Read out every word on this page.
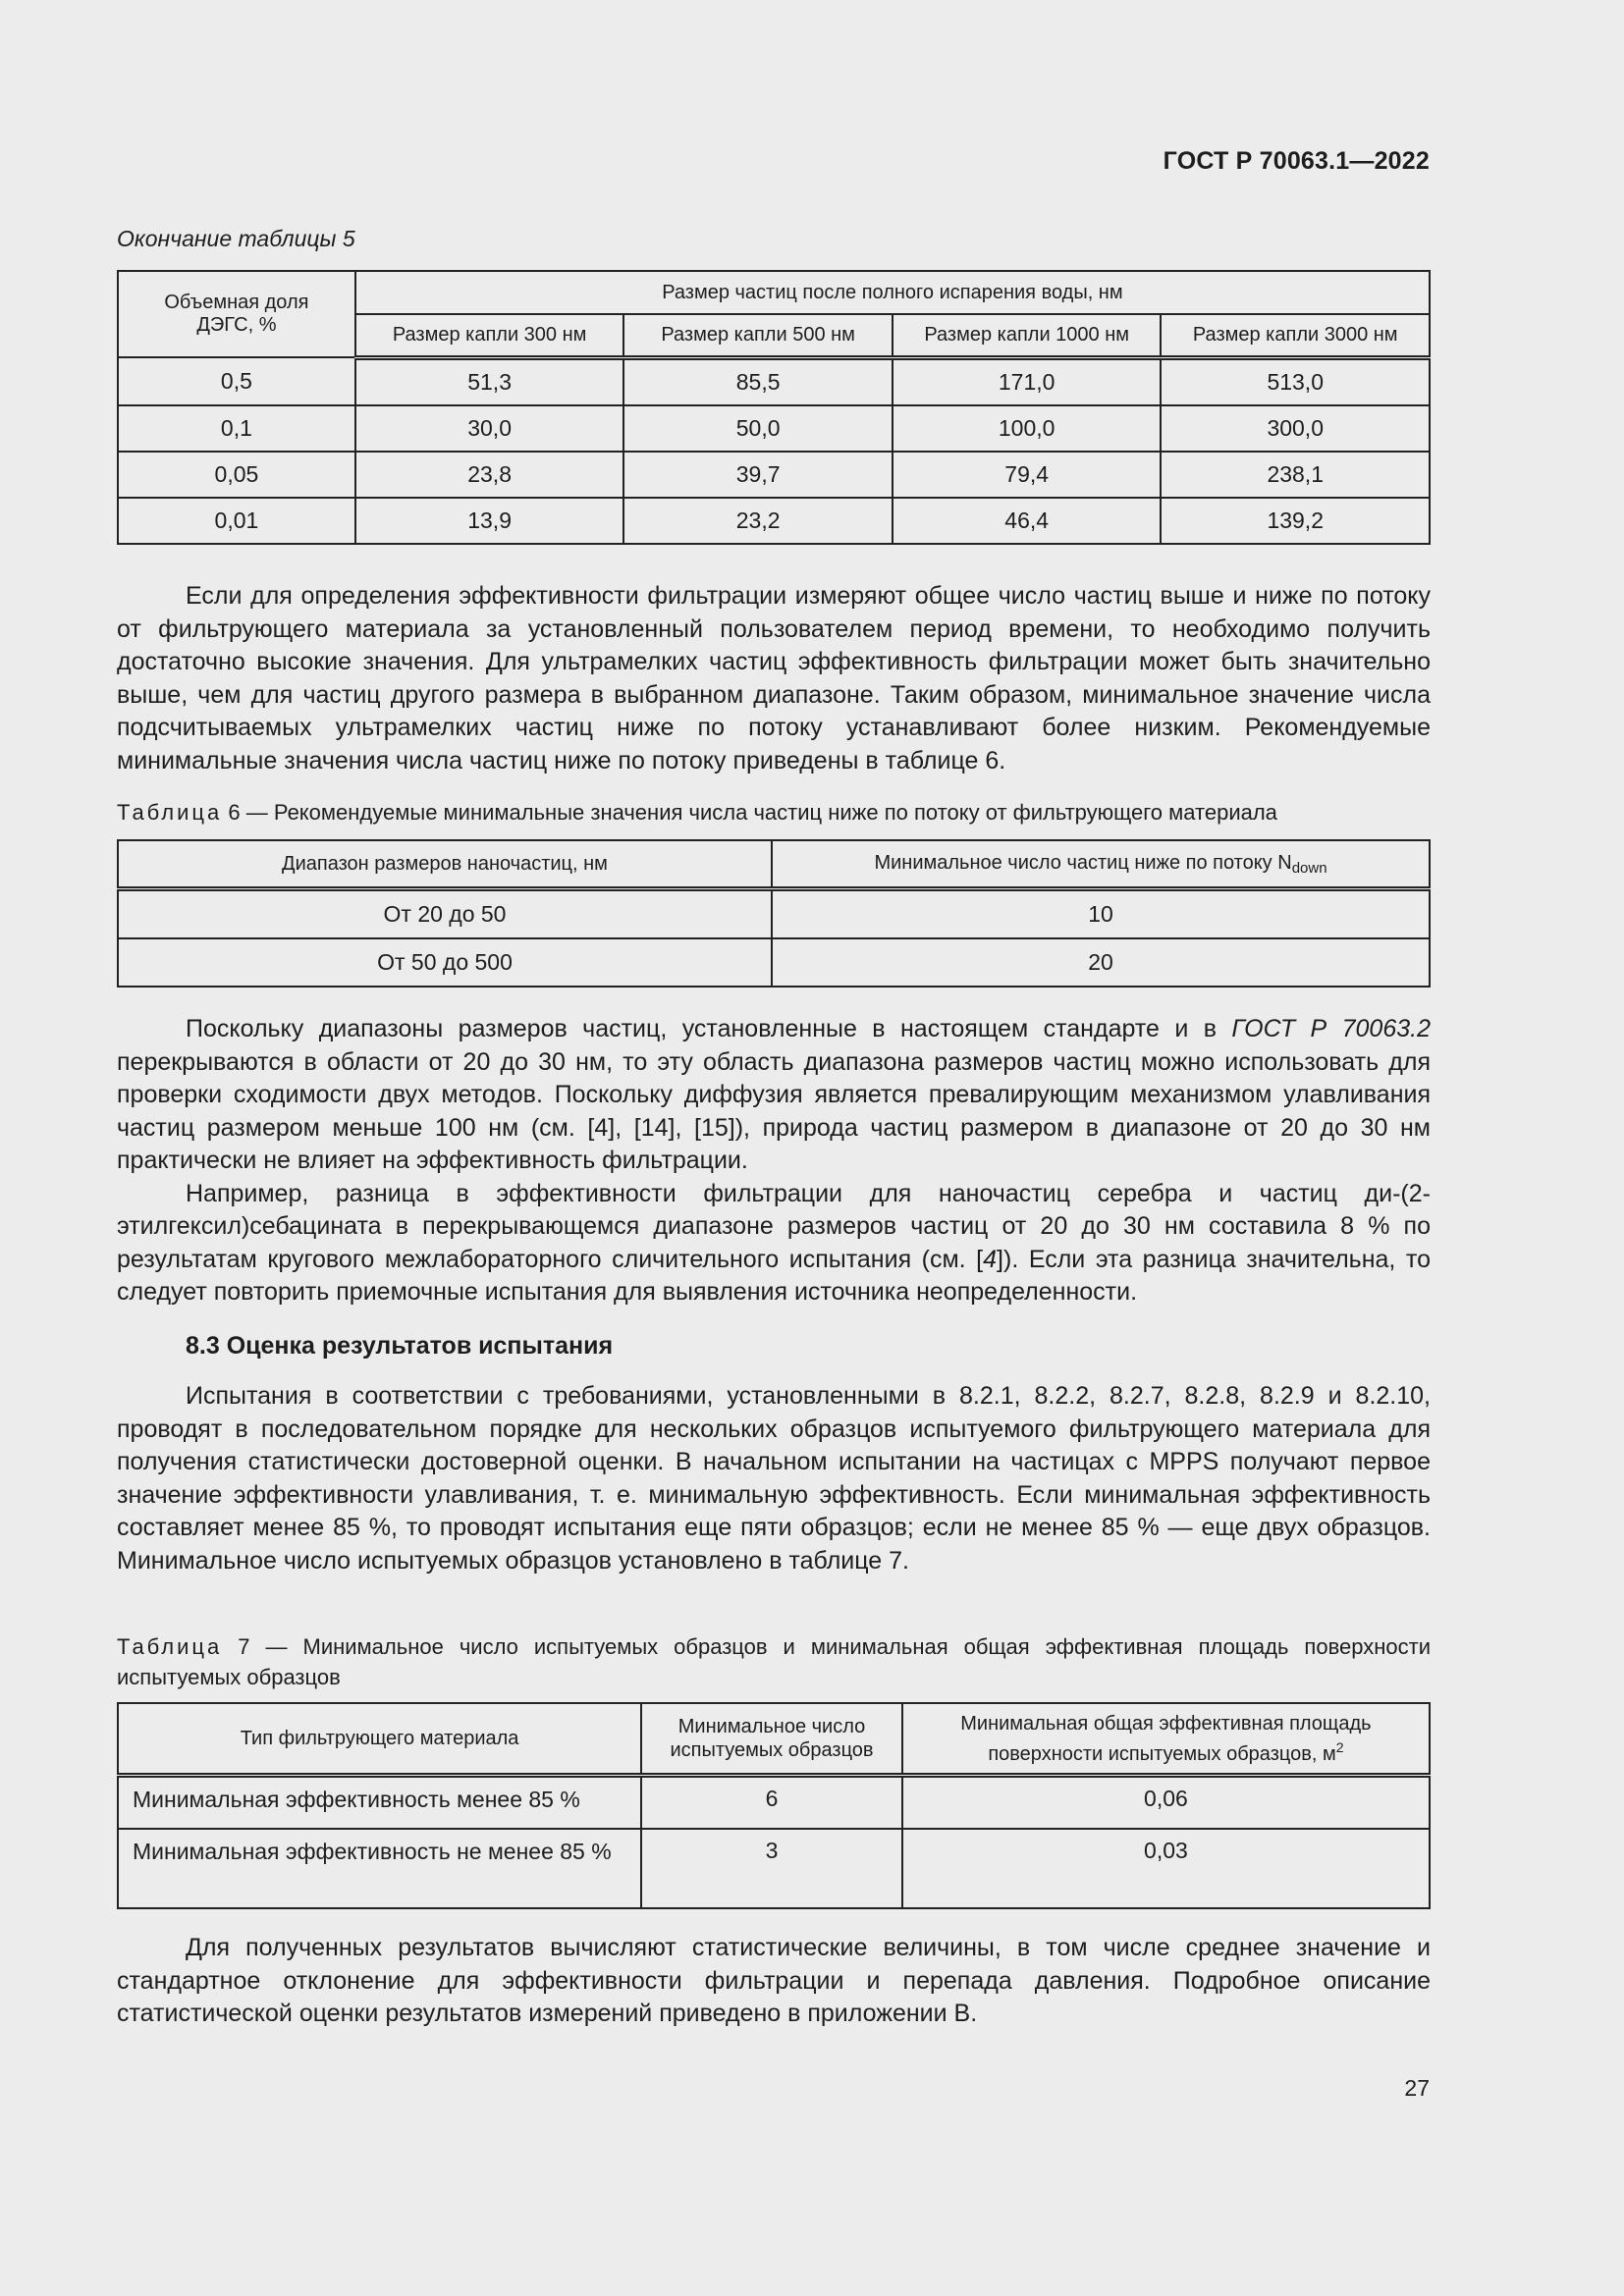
ГОСТ Р 70063.1—2022
Окончание таблицы 5
Объемная доля ДЭГС, %	Размер частиц после полного испарения воды, нм			
	Размер капли 300 нм	Размер капли 500 нм	Размер капли 1000 нм	Размер капли 3000 нм
0,5	51,3	85,5	171,0	513,0
0,1	30,0	50,0	100,0	300,0
0,05	23,8	39,7	79,4	238,1
0,01	13,9	23,2	46,4	139,2

Если для определения эффективности фильтрации измеряют общее число частиц выше и ниже по потоку от фильтрующего материала за установленный пользователем период времени, то необходимо получить достаточно высокие значения. Для ультрамелких частиц эффективность фильтрации может быть значительно выше, чем для частиц другого размера в выбранном диапазоне. Таким образом, минимальное значение числа подсчитываемых ультрамелких частиц ниже по потоку устанавливают более низким. Рекомендуемые минимальные значения числа частиц ниже по потоку приведены в таблице 6.

Таблица 6 — Рекомендуемые минимальные значения числа частиц ниже по потоку от фильтрующего материала
Диапазон размеров наночастиц, нм	Минимальное число частиц ниже по потоку $N_{down}$
От 20 до 50	10
От 50 до 500	20

Поскольку диапазоны размеров частиц, установленные в настоящем стандарте и в ГОСТ Р 70063.2 перекрываются в области от 20 до 30 нм, то эту область диапазона размеров частиц можно использовать для проверки сходимости двух методов. Поскольку диффузия является превалирующим механизмом улавливания частиц размером меньше 100 нм (см. [4], [14], [15]), природа частиц размером в диапазоне от 20 до 30 нм практически не влияет на эффективность фильтрации.

Например, разница в эффективности фильтрации для наночастиц серебра и частиц ди-(2-этилгексил)себацината в перекрывающемся диапазоне размеров частиц от 20 до 30 нм составила 8 % по результатам кругового межлабораторного сличительного испытания (см. [4]). Если эта разница значительна, то следует повторить приемочные испытания для выявления источника неопределенности.

8.3 Оценка результатов испытания

Испытания в соответствии с требованиями, установленными в 8.2.1, 8.2.2, 8.2.7, 8.2.8, 8.2.9 и 8.2.10, проводят в последовательном порядке для нескольких образцов испытуемого фильтрующего материала для получения статистически достоверной оценки. В начальном испытании на частицах с MPPS получают первое значение эффективности улавливания, т. е. минимальную эффективность. Если минимальная эффективность составляет менее 85 %, то проводят испытания еще пяти образцов; если не менее 85 % — еще двух образцов. Минимальное число испытуемых образцов установлено в таблице 7.

Таблица 7 — Минимальное число испытуемых образцов и минимальная общая эффективная площадь поверхности испытуемых образцов
Тип фильтрующего материала	Минимальное число испытуемых образцов	Минимальная общая эффективная площадь поверхности испытуемых образцов, $м^2$
Минимальная эффективность менее 85 %	6	0,06
Минимальная эффективность не менее 85 %	3	0,03

Для полученных результатов вычисляют статистические величины, в том числе среднее значение и стандартное отклонение для эффективности фильтрации и перепада давления. Подробное описание статистической оценки результатов измерений приведено в приложении В.

27
